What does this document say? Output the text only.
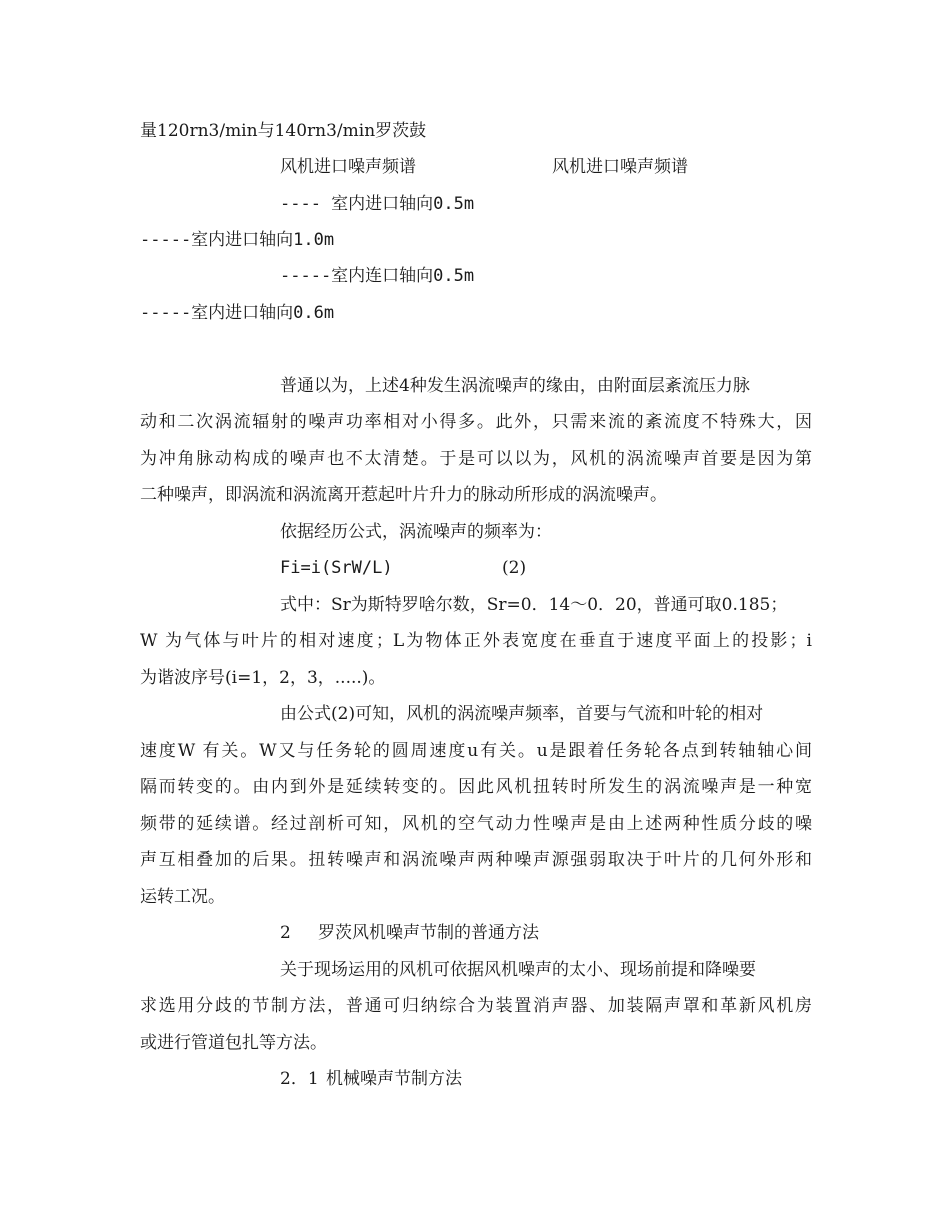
量120rn3/min与140rn3/min罗茨鼓
风机进口噪声频谱	风机进口噪声频谱
---- 室内进口轴向0.5m
-----室内进口轴向1.0m
-----室内连口轴向0.5m
-----室内进口轴向0.6m
普通以为，上述4种发生涡流噪声的缘由，由附面层紊流压力脉
动和二次涡流辐射的噪声功率相对小得多。此外，只需来流的紊流度不特殊大，因
为冲角脉动构成的噪声也不太清楚。于是可以以为，风机的涡流噪声首要是因为第
二种噪声，即涡流和涡流离开惹起叶片升力的脉动所形成的涡流噪声。
依据经历公式，涡流噪声的频率为：
Fi=i(SrW/L)	(2)
式中：Sr为斯特罗啥尔数，Sr=0．14～0．20，普通可取0.185；
W 为气体与叶片的相对速度；L为物体正外表宽度在垂直于速度平面上的投影；i
为谐波序号(i=1，2，3，.....)。
由公式(2)可知，风机的涡流噪声频率，首要与气流和叶轮的相对
速度W 有关。W又与任务轮的圆周速度u有关。u是跟着任务轮各点到转轴轴心间
隔而转变的。由内到外是延续转变的。因此风机扭转时所发生的涡流噪声是一种宽
频带的延续谱。经过剖析可知，风机的空气动力性噪声是由上述两种性质分歧的噪
声互相叠加的后果。扭转噪声和涡流噪声两种噪声源强弱取决于叶片的几何外形和
运转工况。
2 罗茨风机噪声节制的普通方法
关于现场运用的风机可依据风机噪声的太小、现场前提和降噪要
求选用分歧的节制方法，普通可归纳综合为装置消声器、加装隔声罩和革新风机房
或进行管道包扎等方法。
2．1 机械噪声节制方法
